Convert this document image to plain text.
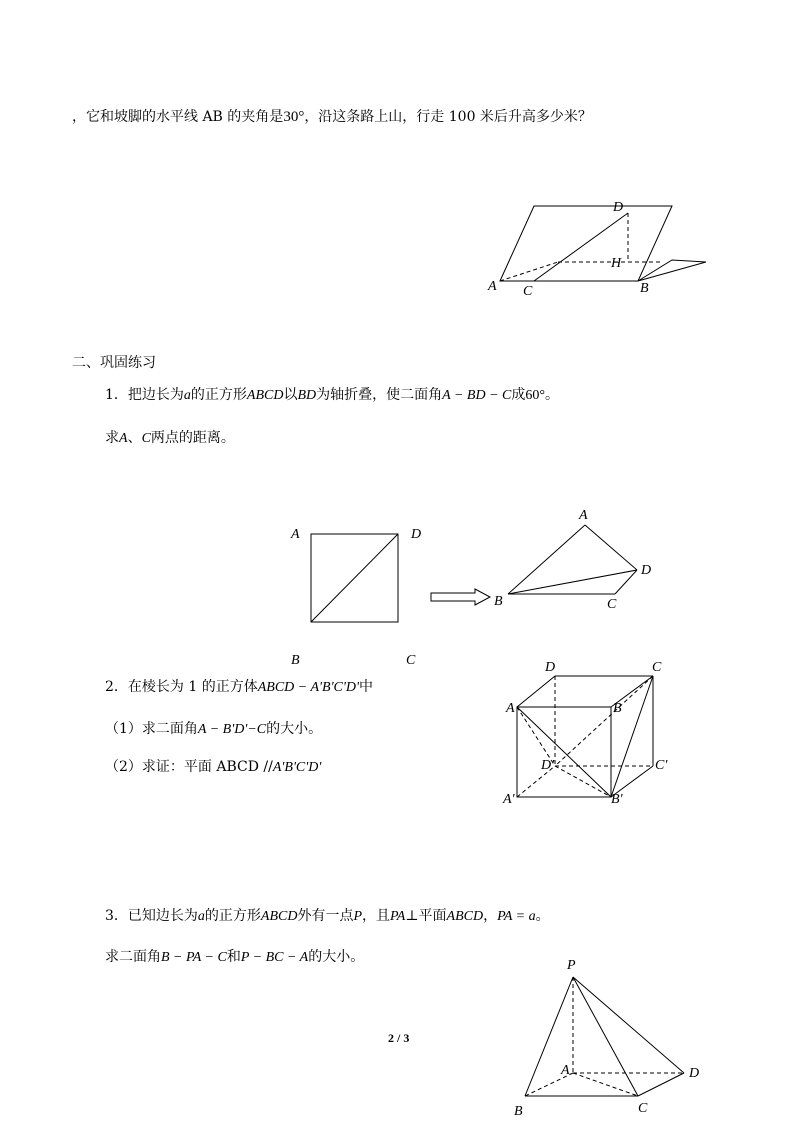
，它和坡脚的水平线 AB 的夹角是30°，沿这条路上山，行走 100 米后升高多少米？
D
H
A C	B
二、巩固练习
1．把边长为a的正方形ABCD以BD为轴折叠，使二面角A − BD − C成60°。
求A、C两点的距离。
A	D
B	C
A
D
B	C
2．在棱长为 1 的正方体ABCD − A'B'C'D'中
（1）求二面角A − B'D'−C的大小。
（2）求证：平面 ABCD //A'B'C'D'
D	C
A	B
D'	C'
A'	B'
3．已知边长为a的正方形ABCD外有一点P，且PA⊥平面ABCD，PA = a。
求二面角B − PA − C和P − BC − A的大小。
P
A	D
B	C
2 / 3
